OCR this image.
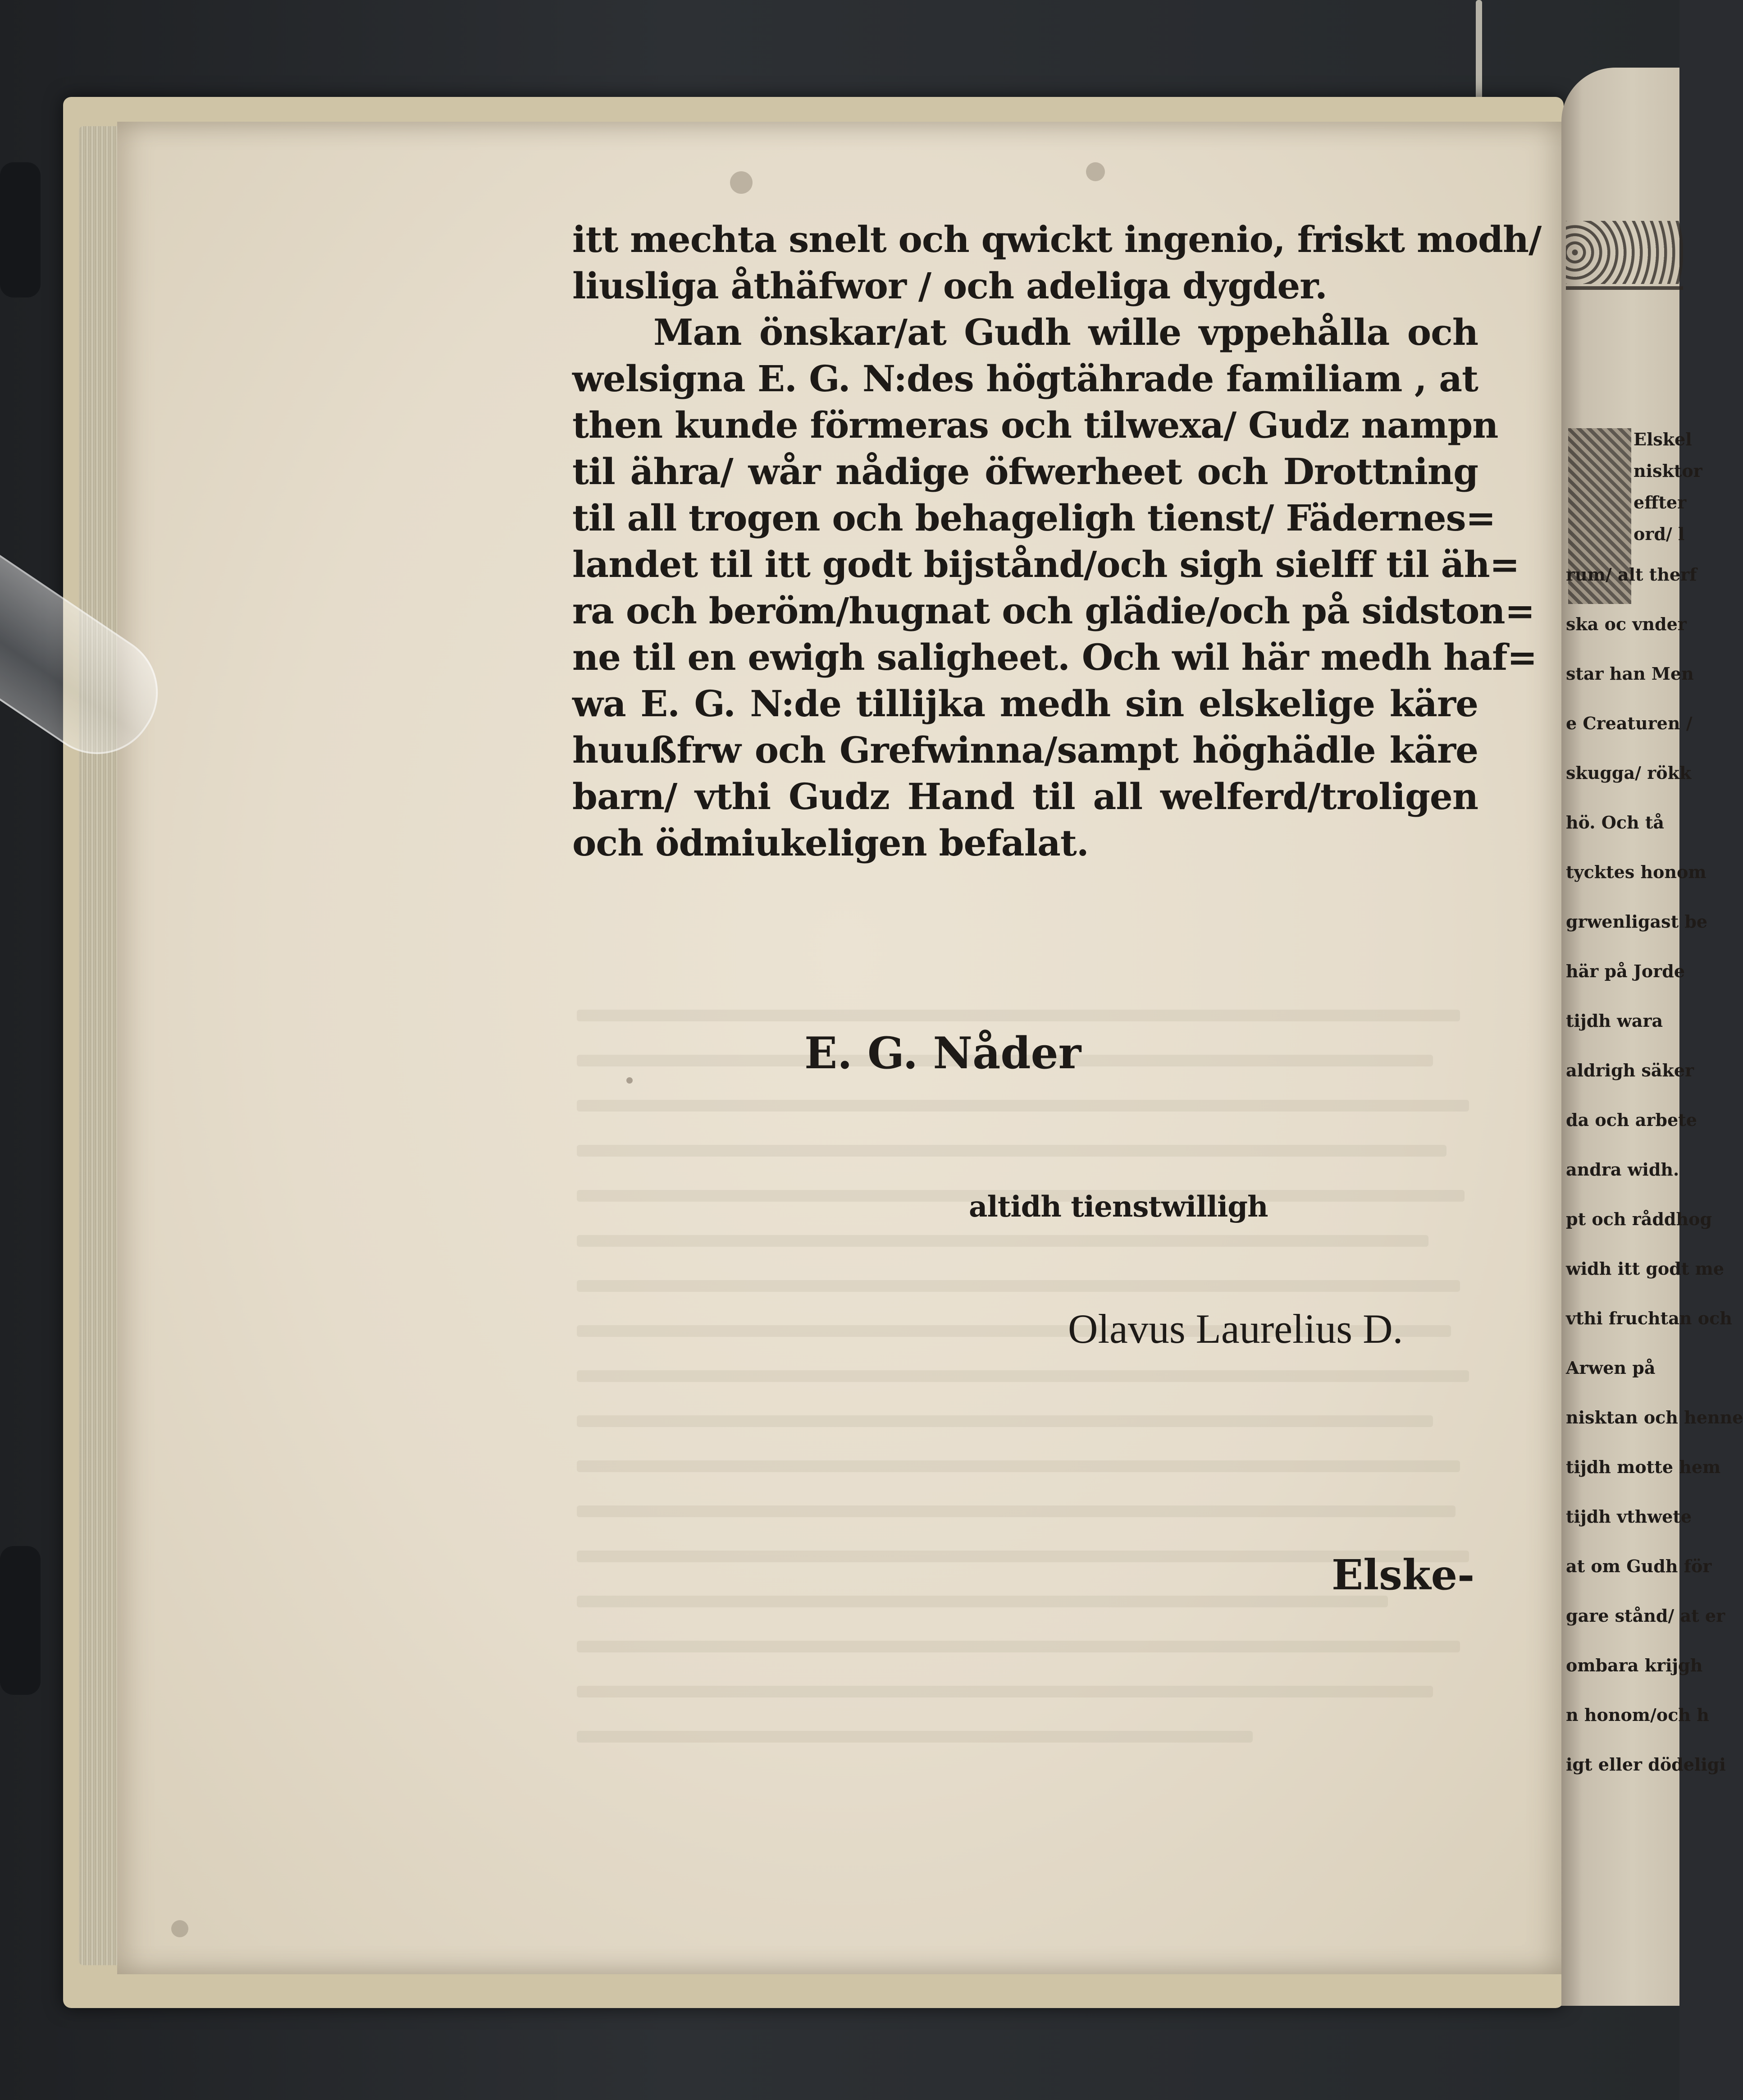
itt mechta snelt och qwickt ingenio, friskt modh/
liusliga åthäfwor / och adeliga dygder.
Man önskar/at Gudh wille vppehålla och
welsigna E. G. N:des högtährade familiam , at
then kunde förmeras och tilwexa/ Gudz nampn
til ähra/ wår nådige öfwerheet och Drottning
til all trogen och behageligh tienst/ Fädernes=
landet til itt godt bijstånd/och sigh sielff til äh=
ra och beröm/hugnat och glädie/och på sidston=
ne til en ewigh saligheet. Och wil här medh haf=
wa E. G. N:de tillijka medh sin elskelige käre
huußfrw och Grefwinna/sampt höghädle käre
barn/ vthi Gudz Hand til all welferd/troligen
och ödmiukeligen befalat.
E. G. Nåder
altidh tienstwilligh
Olavus Laurelius D.
Elske-
Elskel
nisktor
effter
ord/ l
rum/ alt therf
ska oc vnder
star han Men
e Creaturen /
skugga/ rökk
hö. Och tå
tycktes honom
grwenligast be
här på Jorde
tijdh wara
aldrigh säker
da och arbete
andra widh.
pt och råddhog
widh itt godt me
vthi fruchtan och
Arwen på
nisktan och henne
tijdh motte hem
tijdh vthwete
at om Gudh för
gare stånd/ at er
ombara krijgh
n honom/och h
igt eller dödeligi
